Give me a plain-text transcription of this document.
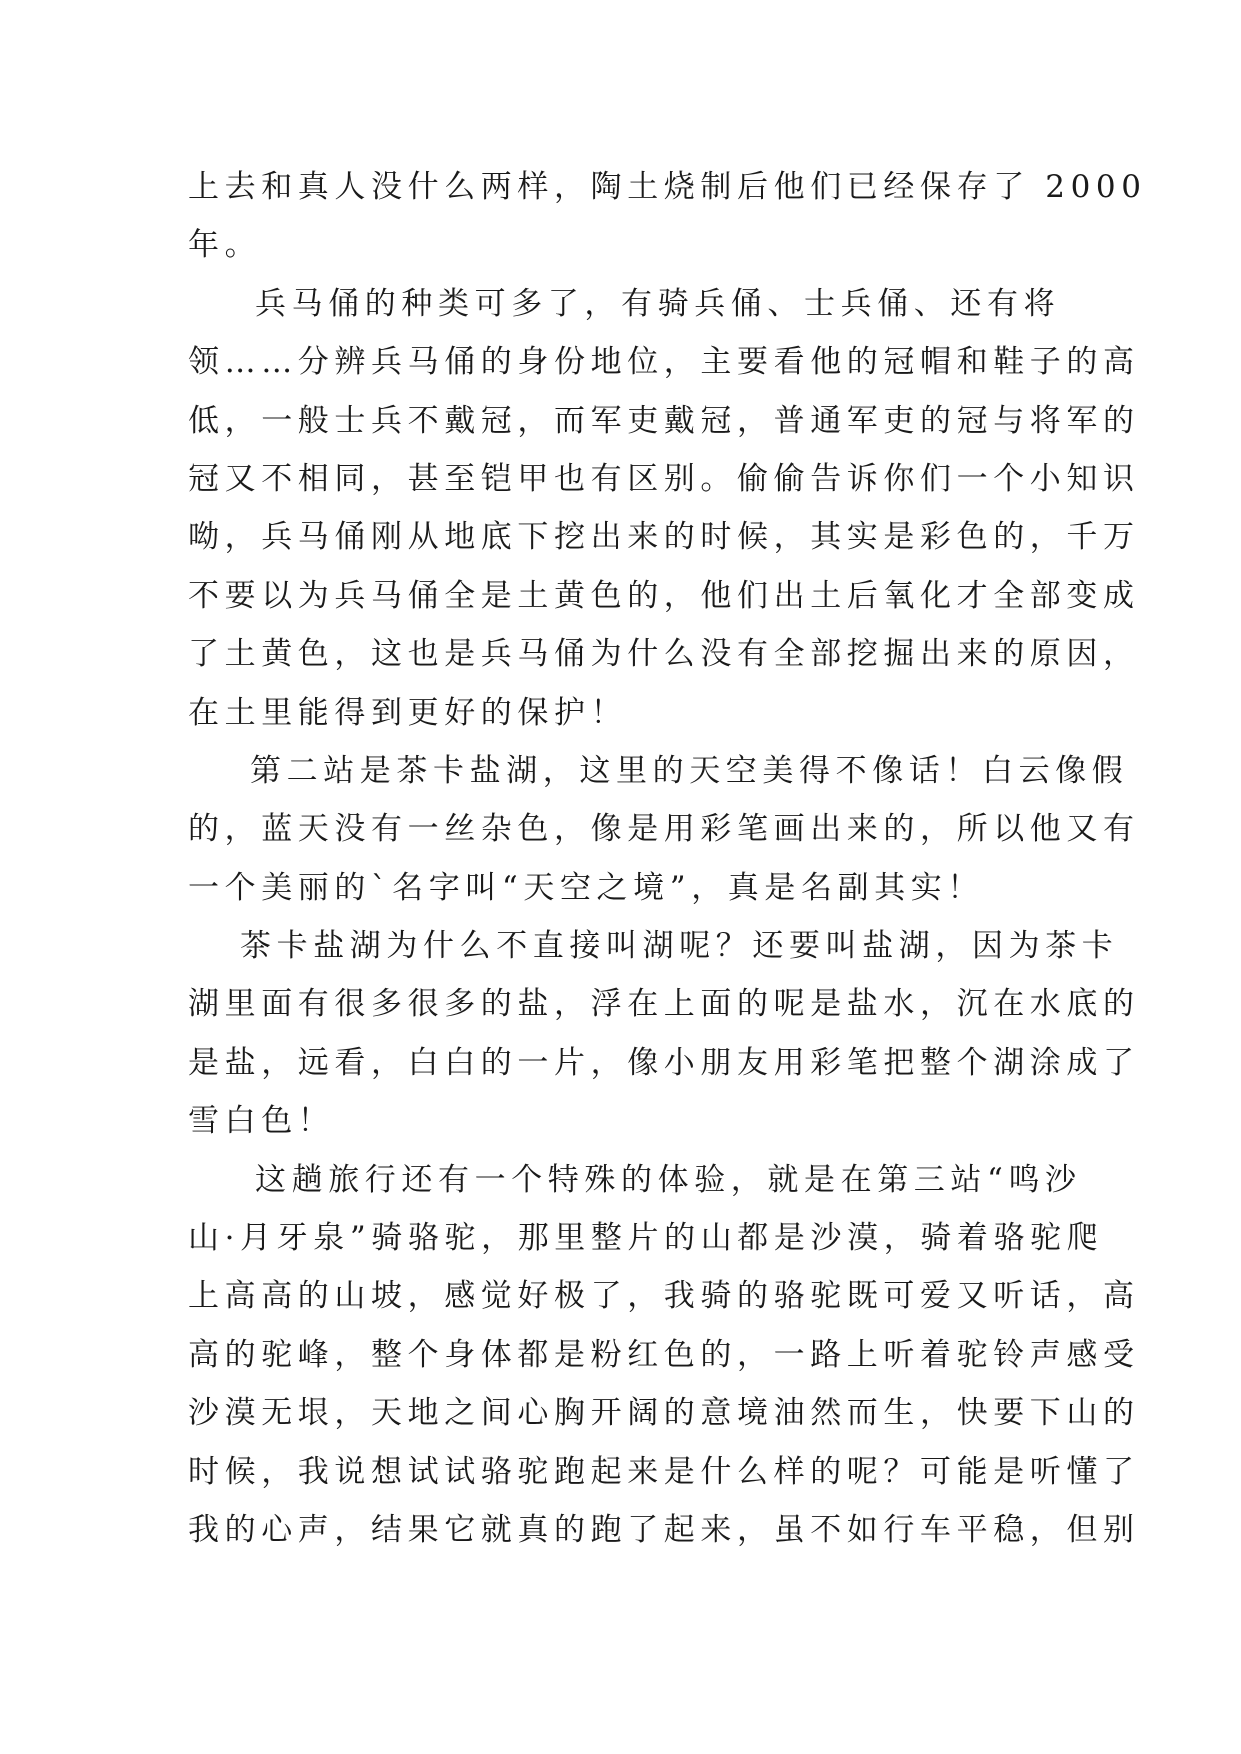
上去和真人没什么两样，陶土烧制后他们已经保存了 2000
年。
兵马俑的种类可多了，有骑兵俑、士兵俑、还有将
领……分辨兵马俑的身份地位，主要看他的冠帽和鞋子的高
低，一般士兵不戴冠，而军吏戴冠，普通军吏的冠与将军的
冠又不相同，甚至铠甲也有区别。偷偷告诉你们一个小知识
呦，兵马俑刚从地底下挖出来的时候，其实是彩色的，千万
不要以为兵马俑全是土黄色的，他们出土后氧化才全部变成
了土黄色，这也是兵马俑为什么没有全部挖掘出来的原因，
在土里能得到更好的保护！
第二站是茶卡盐湖，这里的天空美得不像话！白云像假
的，蓝天没有一丝杂色，像是用彩笔画出来的，所以他又有
一个美丽的`名字叫“天空之境”，真是名副其实！
茶卡盐湖为什么不直接叫湖呢？还要叫盐湖，因为茶卡
湖里面有很多很多的盐，浮在上面的呢是盐水，沉在水底的
是盐，远看，白白的一片，像小朋友用彩笔把整个湖涂成了
雪白色！
这趟旅行还有一个特殊的体验，就是在第三站“鸣沙
山·月牙泉”骑骆驼，那里整片的山都是沙漠，骑着骆驼爬
上高高的山坡，感觉好极了，我骑的骆驼既可爱又听话，高
高的驼峰，整个身体都是粉红色的，一路上听着驼铃声感受
沙漠无垠，天地之间心胸开阔的意境油然而生，快要下山的
时候，我说想试试骆驼跑起来是什么样的呢？可能是听懂了
我的心声，结果它就真的跑了起来，虽不如行车平稳，但别
